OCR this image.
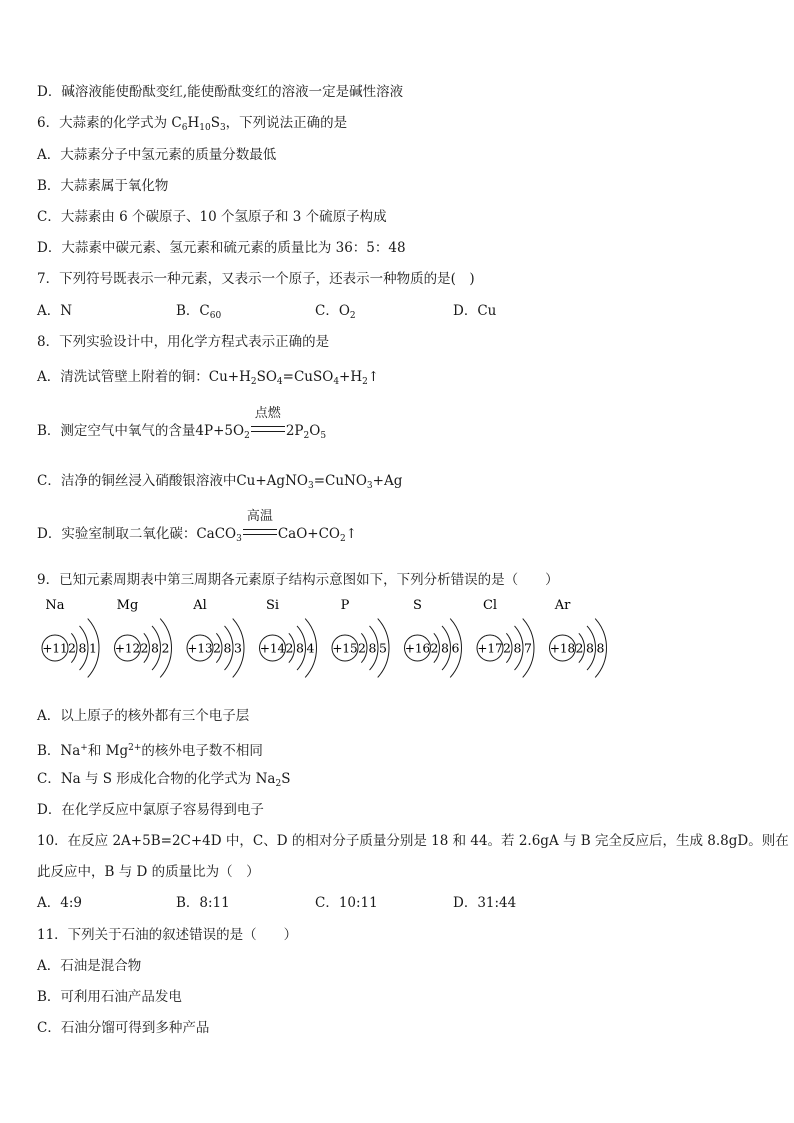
D．碱溶液能使酚酞变红,能使酚酞变红的溶液一定是碱性溶液
6．大蒜素的化学式为 $C_6H_{10}S_3$，下列说法正确的是
A．大蒜素分子中氢元素的质量分数最低
B．大蒜素属于氧化物
C．大蒜素由 6 个碳原子、10 个氢原子和 3 个硫原子构成
D．大蒜素中碳元素、氢元素和硫元素的质量比为 36：5：48
7．下列符号既表示一种元素，又表示一个原子，还表示一种物质的是(　)
A．N	B．$C_{60}$	C．$O_2$	D．Cu
8．下列实验设计中，用化学方程式表示正确的是
A．清洗试管壁上附着的铜：$Cu+H_2SO_4=CuSO_4+H_2↑$
B．测定空气中氧气的含量$4P+5O_2$
点燃
$2P_2O_5$
C．洁净的铜丝浸入硝酸银溶液中Cu+AgNO$_3$=CuNO$_3$+Ag
D．实验室制取二氧化碳：CaCO$_3$
高温
$CaO+CO_2↑$
9．已知元素周期表中第三周期各元素原子结构示意图如下，下列分析错误的是（　　）
Na
+11 2 8 1
Mg
+12 2 8 2
Al
+13 2 8 3
Si
+14 2 8 4
P
+15 2 8 5
S
+16 2 8 6
Cl
+17 2 8 7
Ar
+18 2 8 8
A．以上原子的核外都有三个电子层
B．Na+和 $Mg^{2+}$的核外电子数不相同
C．Na 与 S 形成化合物的化学式为 $Na_2S$
D．在化学反应中氯原子容易得到电子
10．在反应 2A+5B=2C+4D 中，C、D 的相对分子质量分别是 18 和 44。若 2.6gA 与 B 完全反应后，生成 8.8gD。则在
此反应中，B 与 D 的质量比为（　）
A．4:9	B．8:11	C．10:11	D．31:44
11．下列关于石油的叙述错误的是（　　）
A．石油是混合物
B．可利用石油产品发电
C．石油分馏可得到多种产品
